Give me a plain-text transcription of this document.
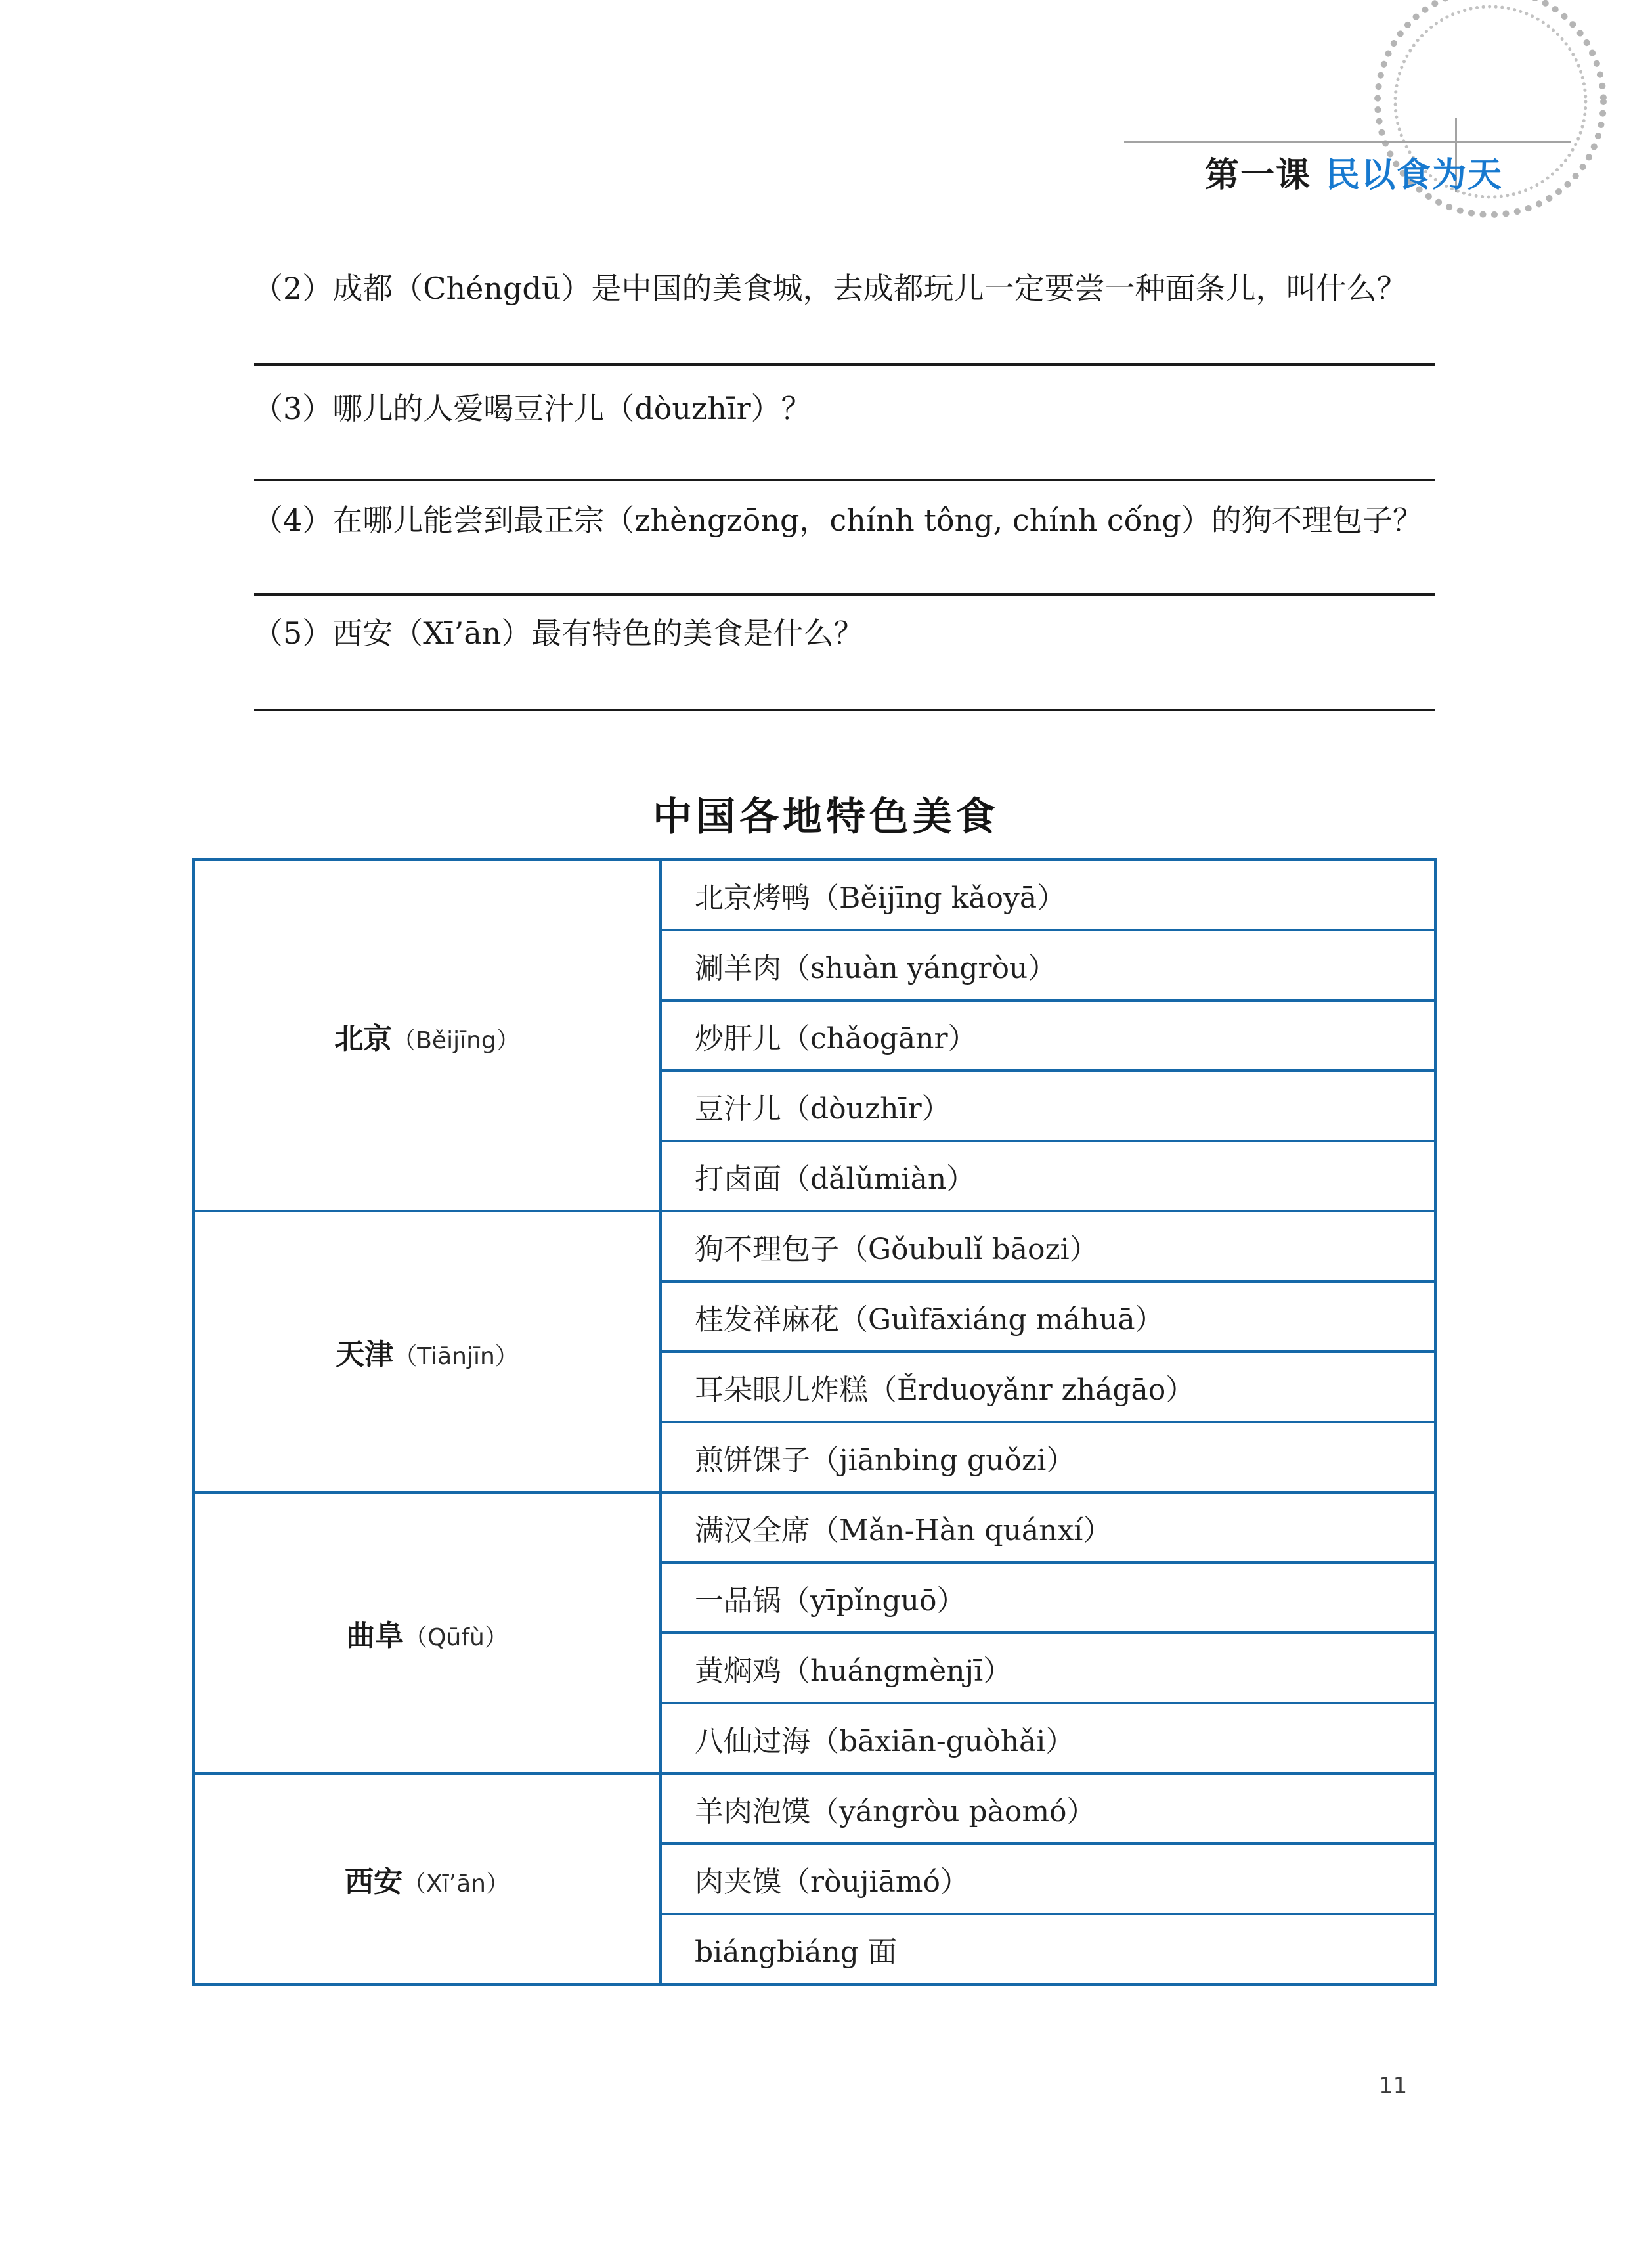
第一课 民以食为天
（2）成都（Chéngdū）是中国的美食城，去成都玩儿一定要尝一种面条儿，叫什么？
（3）哪儿的人爱喝豆汁儿（dòuzhīr）？
（4）在哪儿能尝到最正宗（zhèngzōng，chính tông, chính cống）的狗不理包子？
（5）西安（Xī’ān）最有特色的美食是什么？
中国各地特色美食
北京（Běijīng）	北京烤鸭（Běijīng kǎoyā）
	涮羊肉（shuàn yángròu）
	炒肝儿（chǎogānr）
	豆汁儿（dòuzhīr）
	打卤面（dǎlǔmiàn）
天津（Tiānjīn）	狗不理包子（Gǒubulǐ bāozi）
	桂发祥麻花（Guìfāxiáng máhuā）
	耳朵眼儿炸糕（Ěrduoyǎnr zhágāo）
	煎饼馃子（jiānbing guǒzi）
曲阜（Qūfù）	满汉全席（Mǎn-Hàn quánxí）
	一品锅（yīpǐnguō）
	黄焖鸡（huángmènjī）
	八仙过海（bāxiān-guòhǎi）
西安（Xī’ān）	羊肉泡馍（yángròu pàomó）
	肉夹馍（ròujiāmó）
	biángbiáng 面
11
